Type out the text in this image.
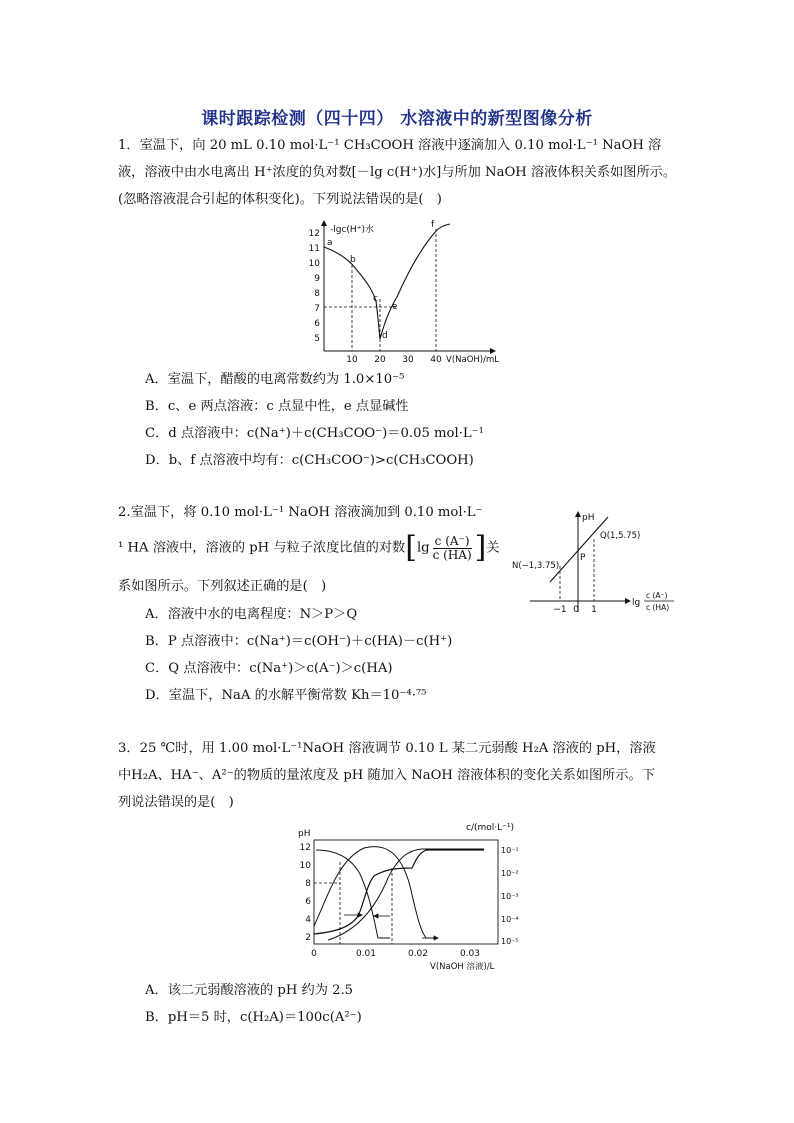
课时跟踪检测（四十四） 水溶液中的新型图像分析
1．室温下，向 20 mL 0.10 mol·L⁻¹ CH₃COOH 溶液中逐滴加入 0.10 mol·L⁻¹ NaOH 溶
液，溶液中由水电离出 H⁺浓度的负对数[－lg c(H⁺)水]与所加 NaOH 溶液体积关系如图所示。
(忽略溶液混合引起的体积变化)。下列说法错误的是(　)
-lgc(H⁺)水
12
11
10
9
8
7
6
5
10 20 30 40 V(NaOH)/mL
a
b
c
d
e
f
A．室温下，醋酸的电离常数约为 1.0×10⁻⁵
B．c、e 两点溶液：c 点显中性，e 点显碱性
C．d 点溶液中：c(Na⁺)＋c(CH₃COO⁻)＝0.05 mol·L⁻¹
D．b、f 点溶液中均有：c(CH₃COO⁻)>c(CH₃COOH)
2.室温下，将 0.10 mol·L⁻¹ NaOH 溶液滴加到 0.10 mol·L⁻
¹ HA 溶液中，溶液的 pH 与粒子浓度比值的对数[$\lg \frac{c (A^-)}{c (HA)}$ ]关
系如图所示。下列叙述正确的是(　)
pH
−1 0 1
lg
c (A⁻)
c (HA)
N(−1,3.75)
P
Q(1,5.75)
A．溶液中水的电离程度：N＞P＞Q
B．P 点溶液中：c(Na⁺)＝c(OH⁻)＋c(HA)－c(H⁺)
C．Q 点溶液中：c(Na⁺)＞c(A⁻)＞c(HA)
D．室温下，NaA 的水解平衡常数 Kh＝10⁻⁴·⁷⁵
3．25 ℃时，用 1.00 mol·L⁻¹NaOH 溶液调节 0.10 L 某二元弱酸 H₂A 溶液的 pH，溶液
中H₂A、HA⁻、A²⁻的物质的量浓度及 pH 随加入 NaOH 溶液体积的变化关系如图所示。下
列说法错误的是(　)
pH
c/(mol·L⁻¹)
12
10
8
6
4
2
10⁻¹
10⁻²
10⁻³
10⁻⁴
10⁻⁵
0	0.01	0.02	0.03
V(NaOH 溶液)/L
A．该二元弱酸溶液的 pH 约为 2.5
B．pH＝5 时，c(H₂A)＝100c(A²⁻)
